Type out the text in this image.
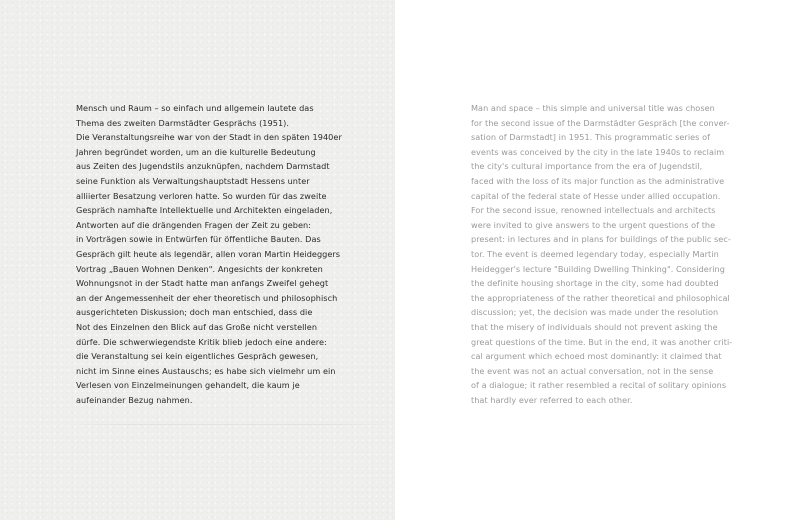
Mensch und Raum – so einfach und allgemein lautete das
Thema des zweiten Darmstädter Gesprächs (1951).
Die Veranstaltungsreihe war von der Stadt in den späten 1940er
Jahren begründet worden, um an die kulturelle Bedeutung
aus Zeiten des Jugendstils anzuknüpfen, nachdem Darmstadt
seine Funktion als Verwaltungshauptstadt Hessens unter
alliierter Besatzung verloren hatte. So wurden für das zweite
Gespräch namhafte Intellektuelle und Architekten eingeladen,
Antworten auf die drängenden Fragen der Zeit zu geben:
in Vorträgen sowie in Entwürfen für öffentliche Bauten. Das
Gespräch gilt heute als legendär, allen voran Martin Heideggers
Vortrag „Bauen Wohnen Denken". Angesichts der konkreten
Wohnungsnot in der Stadt hatte man anfangs Zweifel gehegt
an der Angemessenheit der eher theoretisch und philosophisch
ausgerichteten Diskussion; doch man entschied, dass die
Not des Einzelnen den Blick auf das Große nicht verstellen
dürfe. Die schwerwiegendste Kritik blieb jedoch eine andere:
die Veranstaltung sei kein eigentliches Gespräch gewesen,
nicht im Sinne eines Austauschs; es habe sich vielmehr um ein
Verlesen von Einzelmeinungen gehandelt, die kaum je
aufeinander Bezug nahmen.
Man and space – this simple and universal title was chosen
for the second issue of the Darmstädter Gespräch [the conver-
sation of Darmstadt] in 1951. This programmatic series of
events was conceived by the city in the late 1940s to reclaim
the city's cultural importance from the era of Jugendstil,
faced with the loss of its major function as the administrative
capital of the federal state of Hesse under allied occupation.
For the second issue, renowned intellectuals and architects
were invited to give answers to the urgent questions of the
present: in lectures and in plans for buildings of the public sec-
tor. The event is deemed legendary today, especially Martin
Heidegger's lecture "Building Dwelling Thinking". Considering
the definite housing shortage in the city, some had doubted
the appropriateness of the rather theoretical and philosophical
discussion; yet, the decision was made under the resolution
that the misery of individuals should not prevent asking the
great questions of the time. But in the end, it was another criti-
cal argument which echoed most dominantly: it claimed that
the event was not an actual conversation, not in the sense
of a dialogue; it rather resembled a recital of solitary opinions
that hardly ever referred to each other.
